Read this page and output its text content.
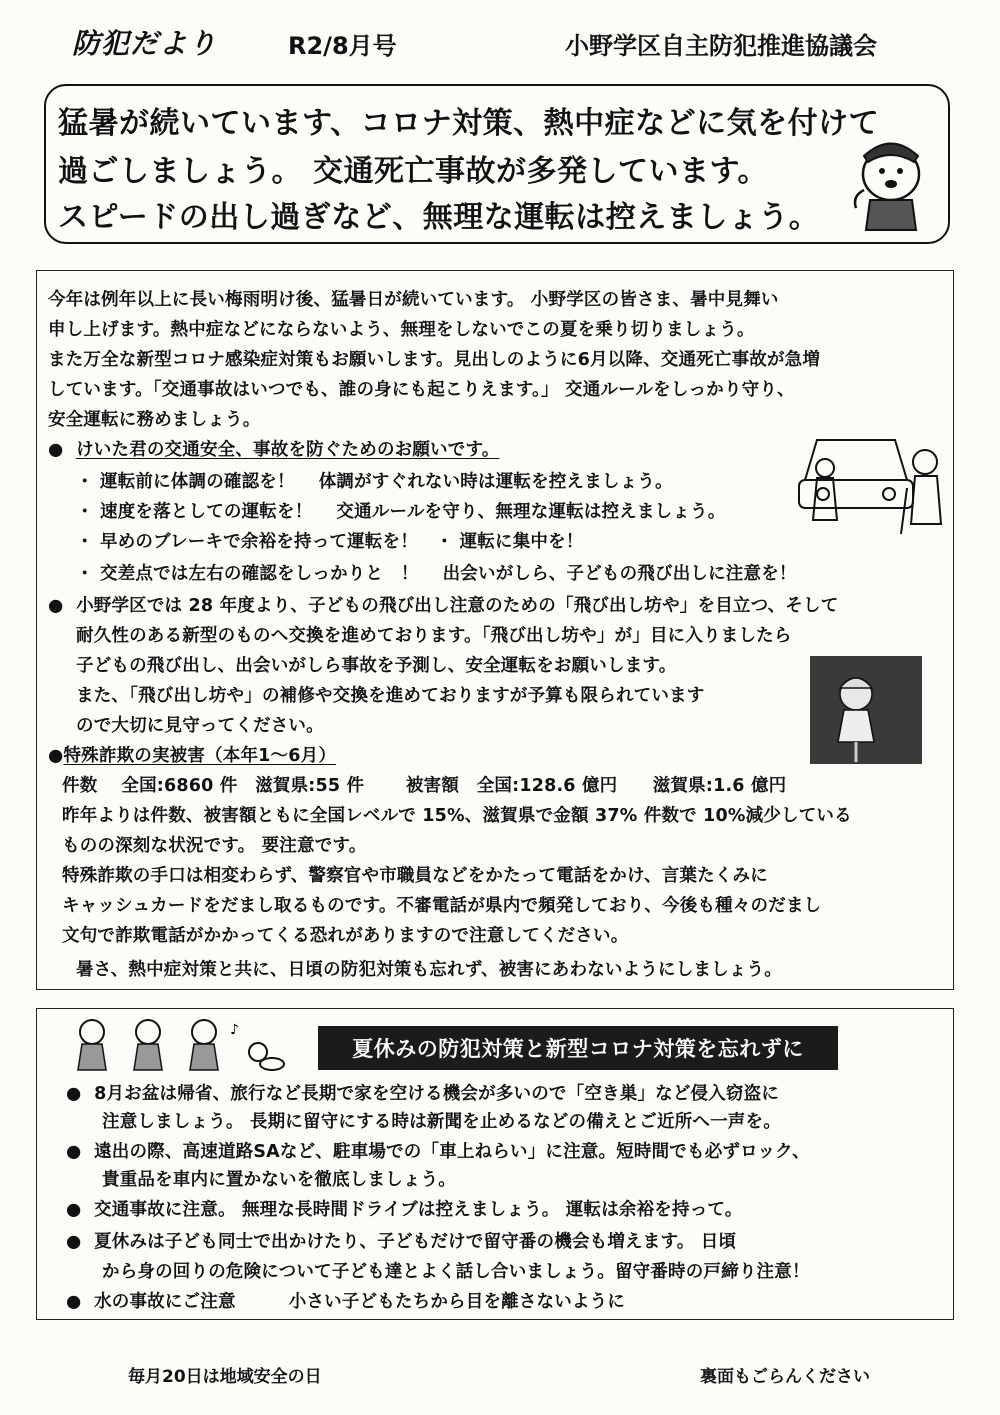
防犯だより	R2/8月号	小野学区自主防犯推進協議会
猛暑が続いています、コロナ対策、熱中症などに気を付けて
過ごしましょう。 交通死亡事故が多発しています。
スピードの出し過ぎなど、無理な運転は控えましょう。
今年は例年以上に長い梅雨明け後、猛暑日が続いています。 小野学区の皆さま、暑中見舞い
申し上げます。熱中症などにならないよう、無理をしないでこの夏を乗り切りましょう。
また万全な新型コロナ感染症対策もお願いします。見出しのように6月以降、交通死亡事故が急増
しています。「交通事故はいつでも、誰の身にも起こりえます。」 交通ルールをしっかり守り、
安全運転に務めましょう。
●  けいた君の交通安全、事故を防ぐためのお願いです。
・ 運転前に体調の確認を！　 体調がすぐれない時は運転を控えましょう。
・ 速度を落としての運転を！　 交通ルールを守り、無理な運転は控えましょう。
・ 早めのブレーキで余裕を持って運転を！　・ 運転に集中を！
・ 交差点では左右の確認をしっかりと　！　 出会いがしら、子どもの飛び出しに注意を！
●  小野学区では 28 年度より、子どもの飛び出し注意のための「飛び出し坊や」を目立つ、そして
耐久性のある新型のものへ交換を進めております。「飛び出し坊や」が」目に入りましたら
子どもの飛び出し、出会いがしら事故を予測し、安全運転をお願いします。
また、「飛び出し坊や」の補修や交換を進めておりますが予算も限られています
ので大切に見守ってください。
●特殊詐欺の実被害（本年1～6月）
件数　 全国:6860 件　滋賀県:55 件　　 被害額　全国:128.6 億円　　滋賀県:1.6 億円
昨年よりは件数、被害額ともに全国レベルで 15%、滋賀県で金額 37% 件数で 10%減少している
ものの深刻な状況です。 要注意です。
特殊詐欺の手口は相変わらず、警察官や市職員などをかたって電話をかけ、言葉たくみに
キャッシュカードをだまし取るものです。不審電話が県内で頻発しており、今後も種々のだまし
文句で詐欺電話がかかってくる恐れがありますので注意してください。
暑さ、熱中症対策と共に、日頃の防犯対策も忘れず、被害にあわないようにしましょう。
♪
夏休みの防犯対策と新型コロナ対策を忘れずに
●  8月お盆は帰省、旅行など長期で家を空ける機会が多いので「空き巣」など侵入窃盗に
注意しましょう。 長期に留守にする時は新聞を止めるなどの備えとご近所へ一声を。
●  遠出の際、高速道路SAなど、駐車場での「車上ねらい」に注意。短時間でも必ずロック、
貴重品を車内に置かないを徹底しましょう。
●  交通事故に注意。 無理な長時間ドライブは控えましょう。 運転は余裕を持って。
●  夏休みは子ども同士で出かけたり、子どもだけで留守番の機会も増えます。 日頃
から身の回りの危険について子ども達とよく話し合いましょう。留守番時の戸締り注意！
●  水の事故にご注意　　　小さい子どもたちから目を離さないように
毎月20日は地域安全の日	裏面もごらんください
